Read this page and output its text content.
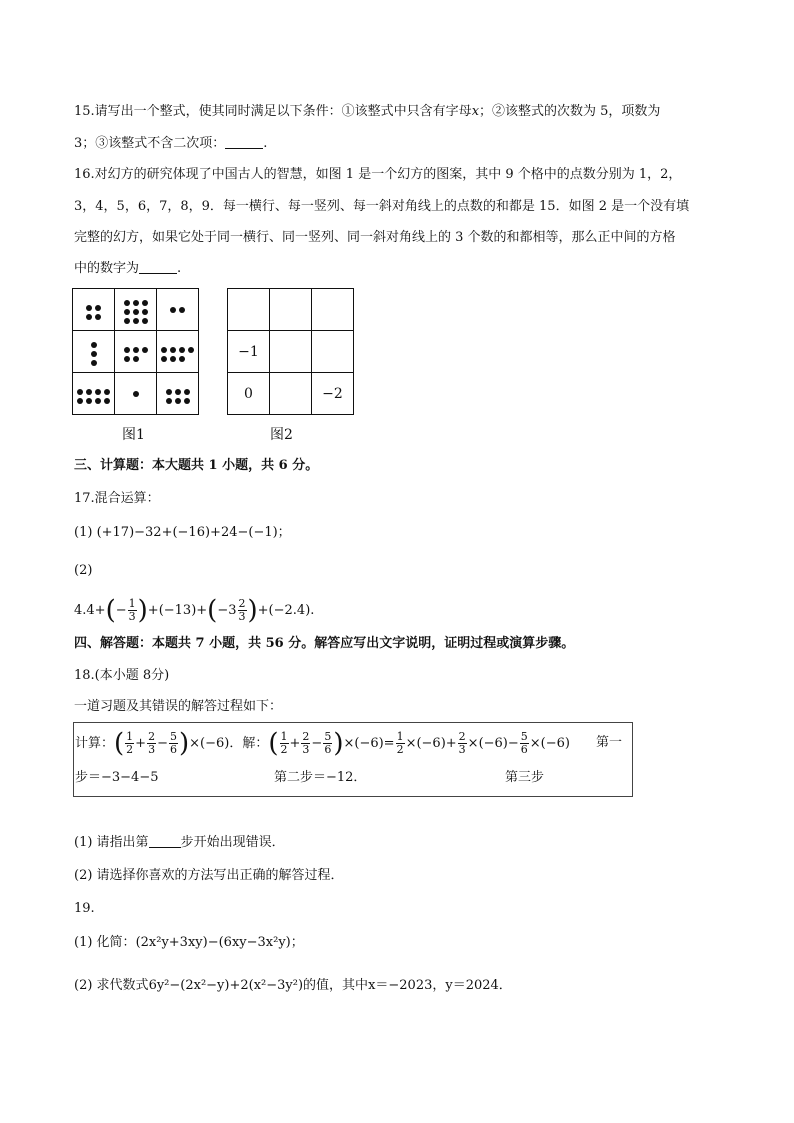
15.请写出一个整式，使其同时满足以下条件：①该整式中只含有字母x；②该整式的次数为 5，项数为
3；③该整式不含二次项：	.
16.对幻方的研究体现了中国古人的智慧，如图 1 是一个幻方的图案，其中 9 个格中的点数分别为 1，2，
3，4，5，6，7，8，9．每一横行、每一竖列、每一斜对角线上的点数的和都是 15．如图 2 是一个没有填
完整的幻方，如果它处于同一横行、同一竖列、同一斜对角线上的 3 个数的和都相等，那么正中间的方格
中的数字为	.

图1

−1		
0		−2
图2
三、计算题：本大题共 1 小题，共 6 分。
17.混合运算：
(1) (+17)−32+(−16)+24−(−1)；
(2)
$4.4+(- \frac{1}{3} )+(-13)+(-3 \frac{2}{3} )+(-2.4)$.
四、解答题：本题共 7 小题，共 56 分。解答应写出文字说明，证明过程或演算步骤。
18.(本小题 8分)
一道习题及其错误的解答过程如下：
计算：( $\frac{1}{2} + \frac{2}{3} - \frac{5}{6} )\times(-6)$．解：( $\frac{1}{2} + \frac{2}{3} - \frac{5}{6} )\times(-6)= \frac{1}{2} \times(-6)+ \frac{2}{3} \times(-6)- \frac{5}{6} \times(-6)$ 第一
步＝−3−4−5	第二步＝−12．	第三步
(1) 请指出第 步开始出现错误．
(2) 请选择你喜欢的方法写出正确的解答过程．
19.
(1) 化简：(2x²y+3xy)−(6xy−3x²y)；
(2) 求代数式6y²−(2x²−y)+2(x²−3y²)的值，其中x＝−2023，y＝2024．
